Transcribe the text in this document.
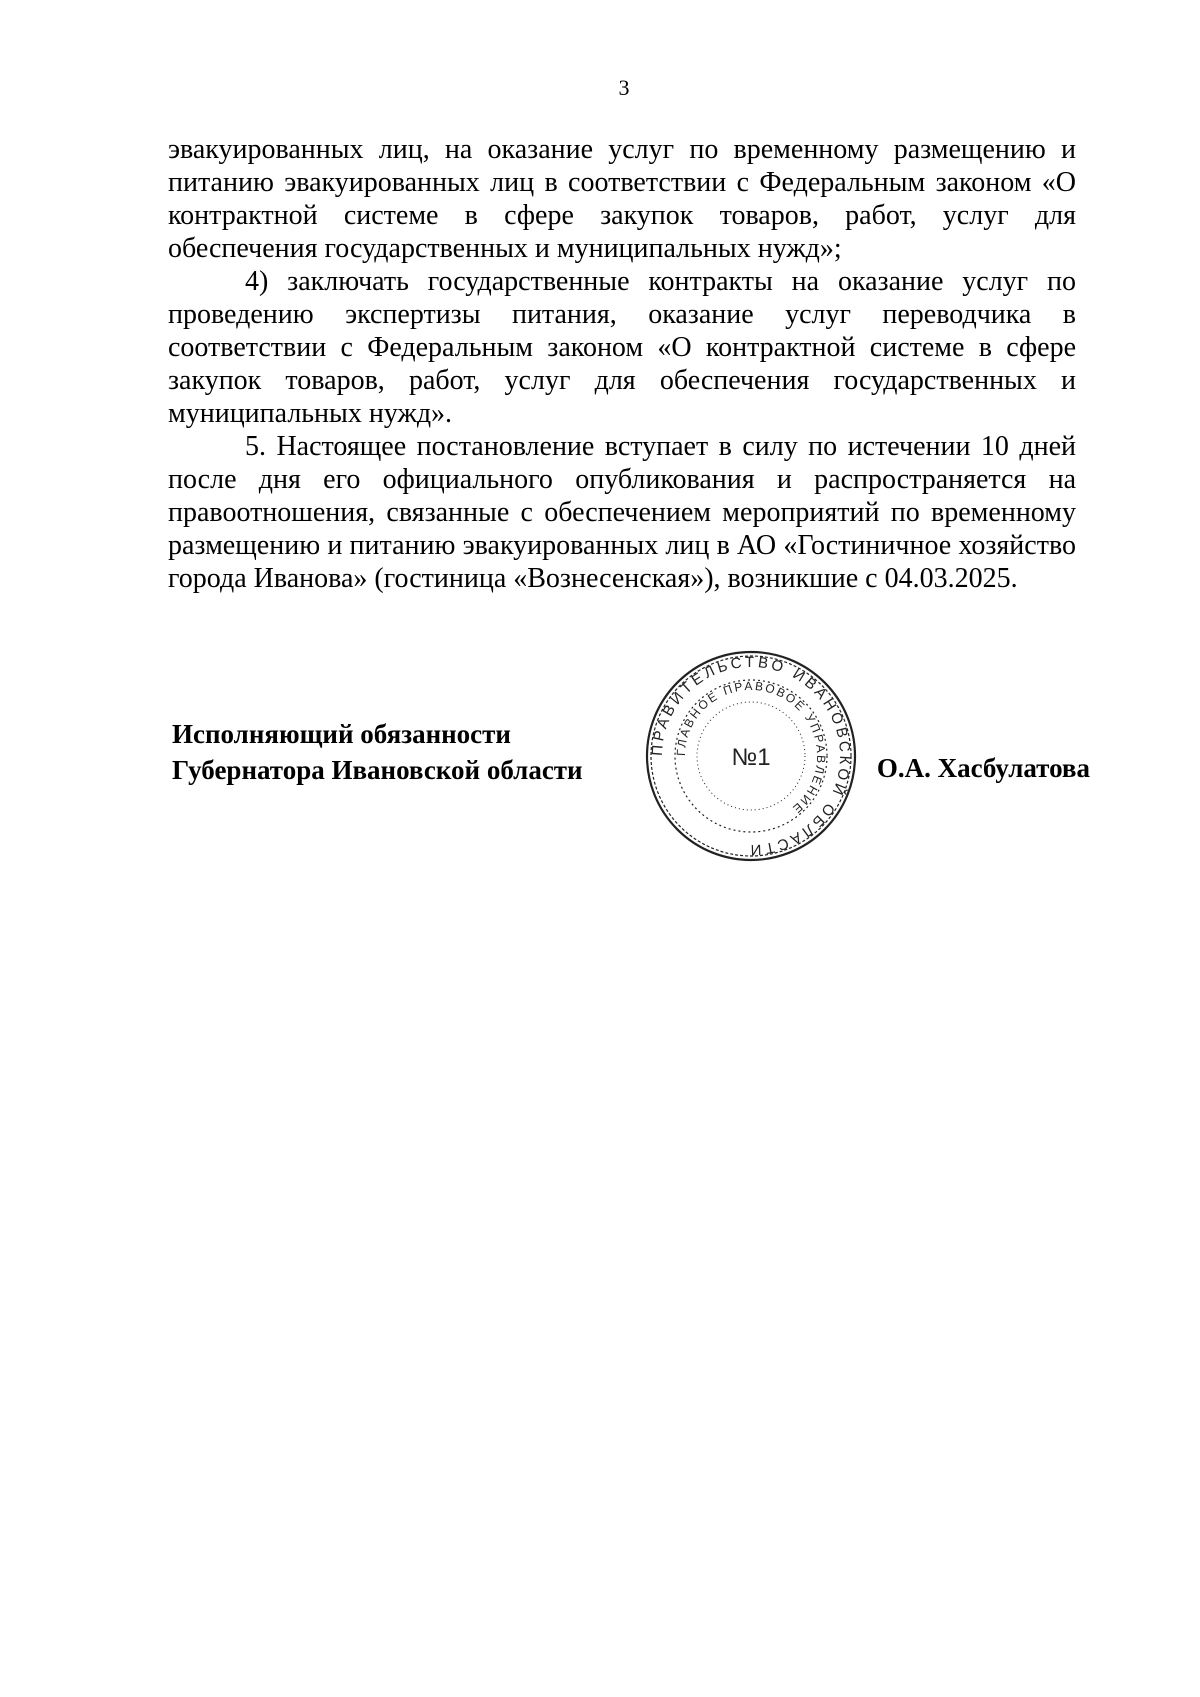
3

эвакуированных лиц, на оказание услуг по временному размещению и питанию эвакуированных лиц в соответствии с Федеральным законом «О контрактной системе в сфере закупок товаров, работ, услуг для обеспечения государственных и муниципальных нужд»;

4) заключать государственные контракты на оказание услуг по проведению экспертизы питания, оказание услуг переводчика в соответствии с Федеральным законом «О контрактной системе в сфере закупок товаров, работ, услуг для обеспечения государственных и муниципальных нужд».

5. Настоящее постановление вступает в силу по истечении 10 дней после дня его официального опубликования и распространяется на правоотношения, связанные с обеспечением мероприятий по временному размещению и питанию эвакуированных лиц в АО «Гостиничное хозяйство города Иванова» (гостиница «Вознесенская»), возникшие с 04.03.2025.

Исполняющий обязанности
Губернатора Ивановской области
ПРАВИТЕЛЬСТВО ИВАНОВСКОЙ ОБЛАСТИ
ГЛАВНОЕ ПРАВОВОЕ УПРАВЛЕНИЕ
№1	О.А. Хасбулатова
